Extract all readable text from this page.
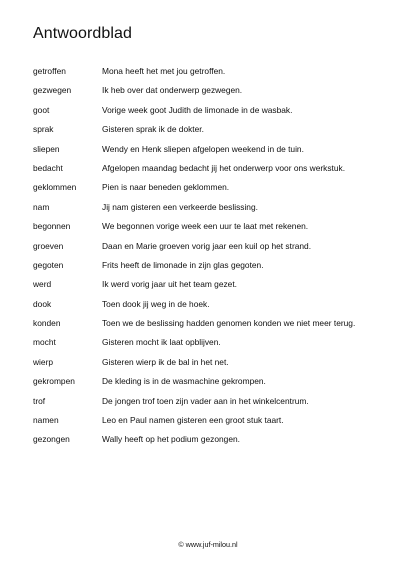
Antwoordblad
getroffen	Mona heeft het met jou getroffen.
gezwegen	Ik heb over dat onderwerp gezwegen.
goot	Vorige week goot Judith de limonade in de wasbak.
sprak	Gisteren sprak ik de dokter.
sliepen	Wendy en Henk sliepen afgelopen weekend in de tuin.
bedacht	Afgelopen maandag bedacht jij het onderwerp voor ons werkstuk.
geklommen	Pien is naar beneden geklommen.
nam	Jij nam gisteren een verkeerde beslissing.
begonnen	We begonnen vorige week een uur te laat met rekenen.
groeven	Daan en Marie groeven vorig jaar een kuil op het strand.
gegoten	Frits heeft de limonade in zijn glas gegoten.
werd	Ik werd vorig jaar uit het team gezet.
dook	Toen dook jij weg in de hoek.
konden	Toen we de beslissing hadden genomen konden we niet meer terug.
mocht	Gisteren mocht ik laat opblijven.
wierp	Gisteren wierp ik de bal in het net.
gekrompen	De kleding is in de wasmachine gekrompen.
trof	De jongen trof toen zijn vader aan in het winkelcentrum.
namen	Leo en Paul namen gisteren een groot stuk taart.
gezongen	Wally heeft op het podium gezongen.
© www.juf-milou.nl
